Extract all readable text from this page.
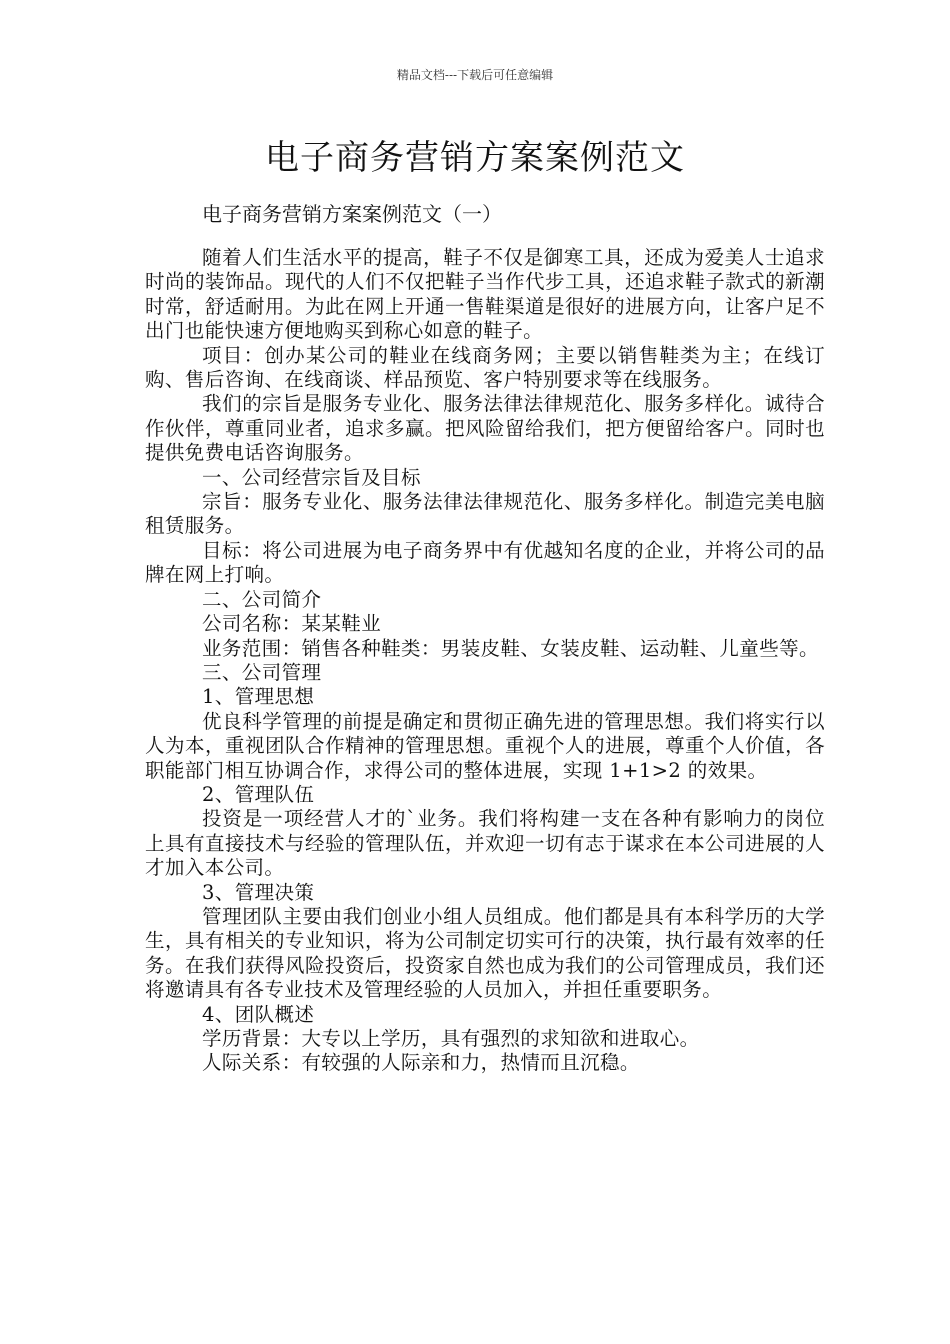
精品文档---下载后可任意编辑
电子商务营销方案案例范文

电子商务营销方案案例范文（一）

随着人们生活水平的提高，鞋子不仅是御寒工具，还成为爱美人士追求时尚的装饰品。现代的人们不仅把鞋子当作代步工具，还追求鞋子款式的新潮时常，舒适耐用。为此在网上开通一售鞋渠道是很好的进展方向，让客户足不出门也能快速方便地购买到称心如意的鞋子。

项目：创办某公司的鞋业在线商务网；主要以销售鞋类为主；在线订购、售后咨询、在线商谈、样品预览、客户特别要求等在线服务。

我们的宗旨是服务专业化、服务法律法律规范化、服务多样化。诚待合作伙伴，尊重同业者，追求多赢。把风险留给我们，把方便留给客户。同时也提供免费电话咨询服务。

一、公司经营宗旨及目标

宗旨：服务专业化、服务法律法律规范化、服务多样化。制造完美电脑租赁服务。

目标：将公司进展为电子商务界中有优越知名度的企业，并将公司的品牌在网上打响。

二、公司简介

公司名称：某某鞋业

业务范围：销售各种鞋类：男装皮鞋、女装皮鞋、运动鞋、儿童些等。

三、公司管理

1、管理思想

优良科学管理的前提是确定和贯彻正确先进的管理思想。我们将实行以人为本，重视团队合作精神的管理思想。重视个人的进展，尊重个人价值，各职能部门相互协调合作，求得公司的整体进展，实现 1+1>2 的效果。

2、管理队伍

投资是一项经营人才的`业务。我们将构建一支在各种有影响力的岗位上具有直接技术与经验的管理队伍，并欢迎一切有志于谋求在本公司进展的人才加入本公司。

3、管理决策

管理团队主要由我们创业小组人员组成。他们都是具有本科学历的大学生，具有相关的专业知识，将为公司制定切实可行的决策，执行最有效率的任务。在我们获得风险投资后，投资家自然也成为我们的公司管理成员，我们还将邀请具有各专业技术及管理经验的人员加入，并担任重要职务。

4、团队概述

学历背景：大专以上学历，具有强烈的求知欲和进取心。

人际关系：有较强的人际亲和力，热情而且沉稳。
